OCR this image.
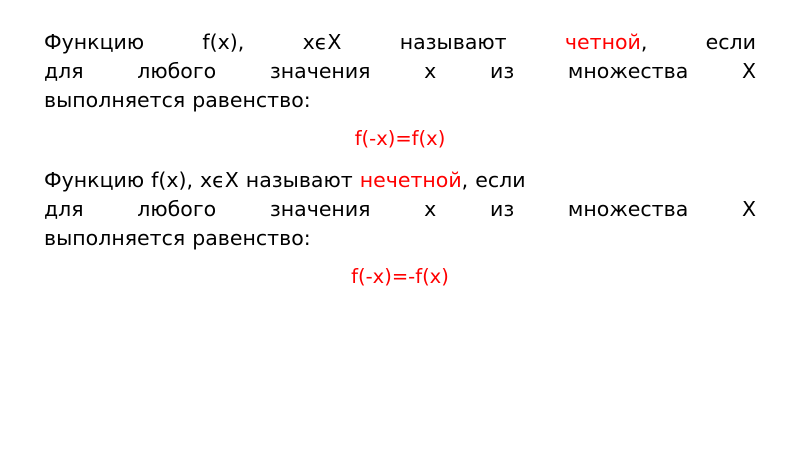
Функцию f(x), xϵX называют четной, если

для любого значения х из множества X

выполняется равенство:

f(-x)=f(x)

Функцию f(x), xϵX называют нечетной, если

для любого значения х из множества X

выполняется равенство:

f(-x)=-f(x)
